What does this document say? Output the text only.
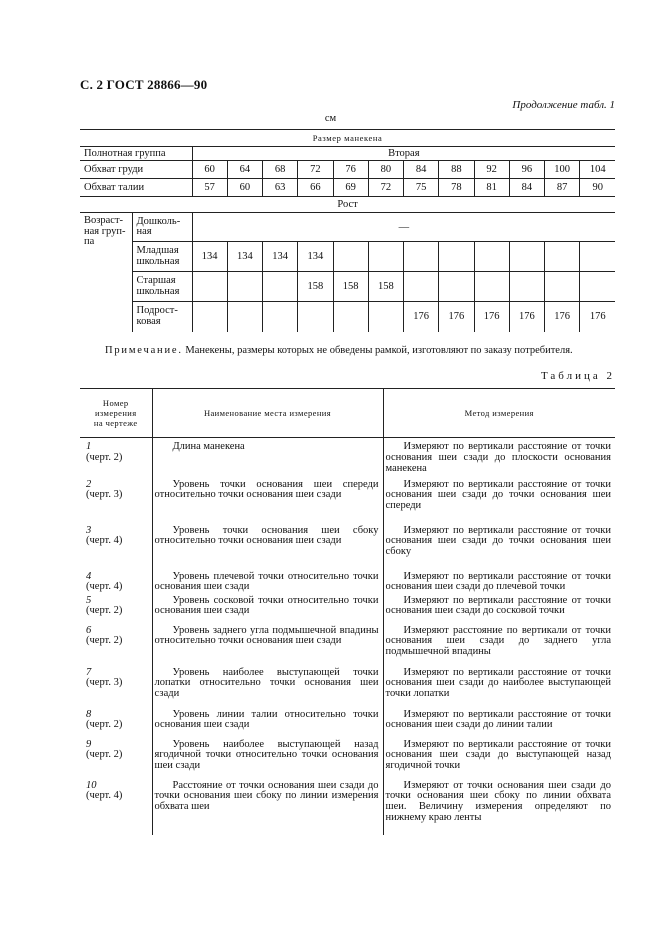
С. 2 ГОСТ 28866—90
Продолжение табл. 1
см
Размер манекена													
Полнотная группа		Вторая											
Обхват груди		60	64	68	72	76	80	84	88	92	96	100	104
Обхват талии		57	60	63	66	69	72	75	78	81	84	87	90
Рост													
Возраст-
ная груп-
па	Дошколь-
ная	—											
	Младшая
школьная	134	134	134	134								
	Старшая
школьная				158	158	158						
	Подрост-
ковая							176	176	176	176	176	176
Примечание. Манекены, размеры которых не обведены рамкой, изготовляют по заказу потребителя.
Таблица 2
Номер
измерения
на чертеже	Наименование места измерения	Метод измерения

1
(черт. 2)	Длина манекена	Измеряют по вертикали расстояние от точки основания шеи сзади до плоскости основания манекена

2
(черт. 3)	Уровень точки основания шеи спереди относительно точки основания шеи сзади	Измеряют по вертикали расстояние от точки основания шеи сзади до точки основания шеи спереди

3
(черт. 4)	Уровень точки основания шеи сбоку относительно точки основания шеи сзади	Измеряют по вертикали расстояние от точки основания шеи сзади до точки основания шеи сбоку

4
(черт. 4)	Уровень плечевой точки относительно точки основания шеи сзади	Измеряют по вертикали расстояние от точки основания шеи сзади до плечевой точки

5
(черт. 2)	Уровень сосковой точки относительно точки основания шеи сзади	Измеряют по вертикали расстояние от точки основания шеи сзади до сосковой точки

6
(черт. 2)	Уровень заднего угла подмышечной впадины относительно точки основания шеи сзади	Измеряют расстояние по вертикали от точки основания шеи сзади до заднего угла подмышечной впадины

7
(черт. 3)	Уровень наиболее выступающей точки лопатки относительно точки основания шеи сзади	Измеряют по вертикали расстояние от точки основания шеи сзади до наиболее выступающей точки лопатки

8
(черт. 2)	Уровень линии талии относительно точки основания шеи сзади	Измеряют по вертикали расстояние от точки основания шеи сзади до линии талии

9
(черт. 2)	Уровень наиболее выступающей назад ягодичной точки относительно точки основания шеи сзади	Измеряют по вертикали расстояние от точки основания шеи сзади до выступающей назад ягодичной точки

10
(черт. 4)	Расстояние от точки основания шеи сзади до точки основания шеи сбоку по линии измерения обхвата шеи	Измеряют от точки основания шеи сзади до точки основания шеи сбоку по линии обхвата шеи. Величину измерения определяют по нижнему краю ленты
